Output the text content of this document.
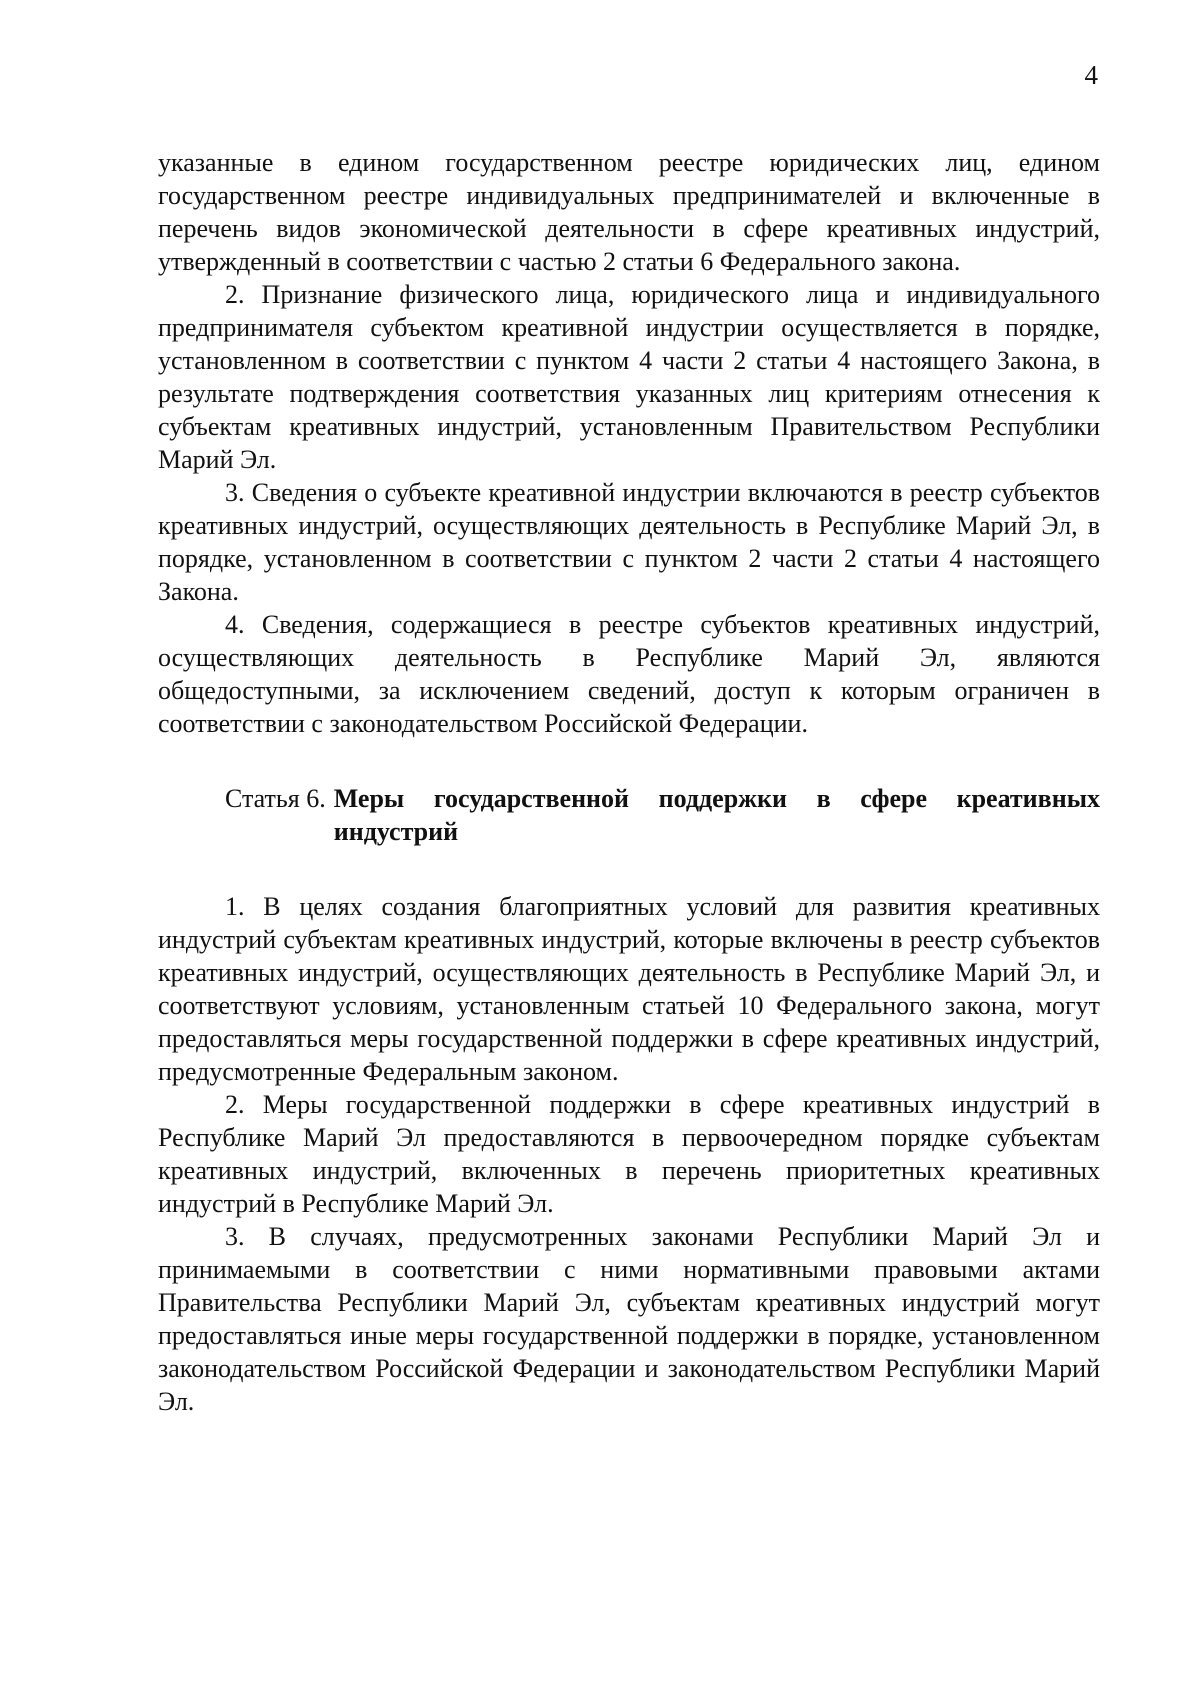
4

указанные в едином государственном реестре юридических лиц, едином государственном реестре индивидуальных предпринимателей и включенные в перечень видов экономической деятельности в сфере креативных индустрий, утвержденный в соответствии с частью 2 статьи 6 Федерального закона.

2. Признание физического лица, юридического лица и индивидуального предпринимателя субъектом креативной индустрии осуществляется в порядке, установленном в соответствии с пунктом 4 части 2 статьи 4 настоящего Закона, в результате подтверждения соответствия указанных лиц критериям отнесения к субъектам креативных индустрий, установленным Правительством Республики Марий Эл.

3. Сведения о субъекте креативной индустрии включаются в реестр субъектов креативных индустрий, осуществляющих деятельность в Республике Марий Эл, в порядке, установленном в соответствии с пунктом 2 части 2 статьи 4 настоящего Закона.

4. Сведения, содержащиеся в реестре субъектов креативных индустрий, осуществляющих деятельность в Республике Марий Эл, являются общедоступными, за исключением сведений, доступ к которым ограничен в соответствии с законодательством Российской Федерации.

Статья 6. Меры государственной поддержки в сфере креативных индустрий

1. В целях создания благоприятных условий для развития креативных индустрий субъектам креативных индустрий, которые включены в реестр субъектов креативных индустрий, осуществляющих деятельность в Республике Марий Эл, и соответствуют условиям, установленным статьей 10 Федерального закона, могут предоставляться меры государственной поддержки в сфере креативных индустрий, предусмотренные Федеральным законом.

2. Меры государственной поддержки в сфере креативных индустрий в Республике Марий Эл предоставляются в первоочередном порядке субъектам креативных индустрий, включенных в перечень приоритетных креативных индустрий в Республике Марий Эл.

3. В случаях, предусмотренных законами Республики Марий Эл и принимаемыми в соответствии с ними нормативными правовыми актами Правительства Республики Марий Эл, субъектам креативных индустрий могут предоставляться иные меры государственной поддержки в порядке, установленном законодательством Российской Федерации и законодательством Республики Марий Эл.
